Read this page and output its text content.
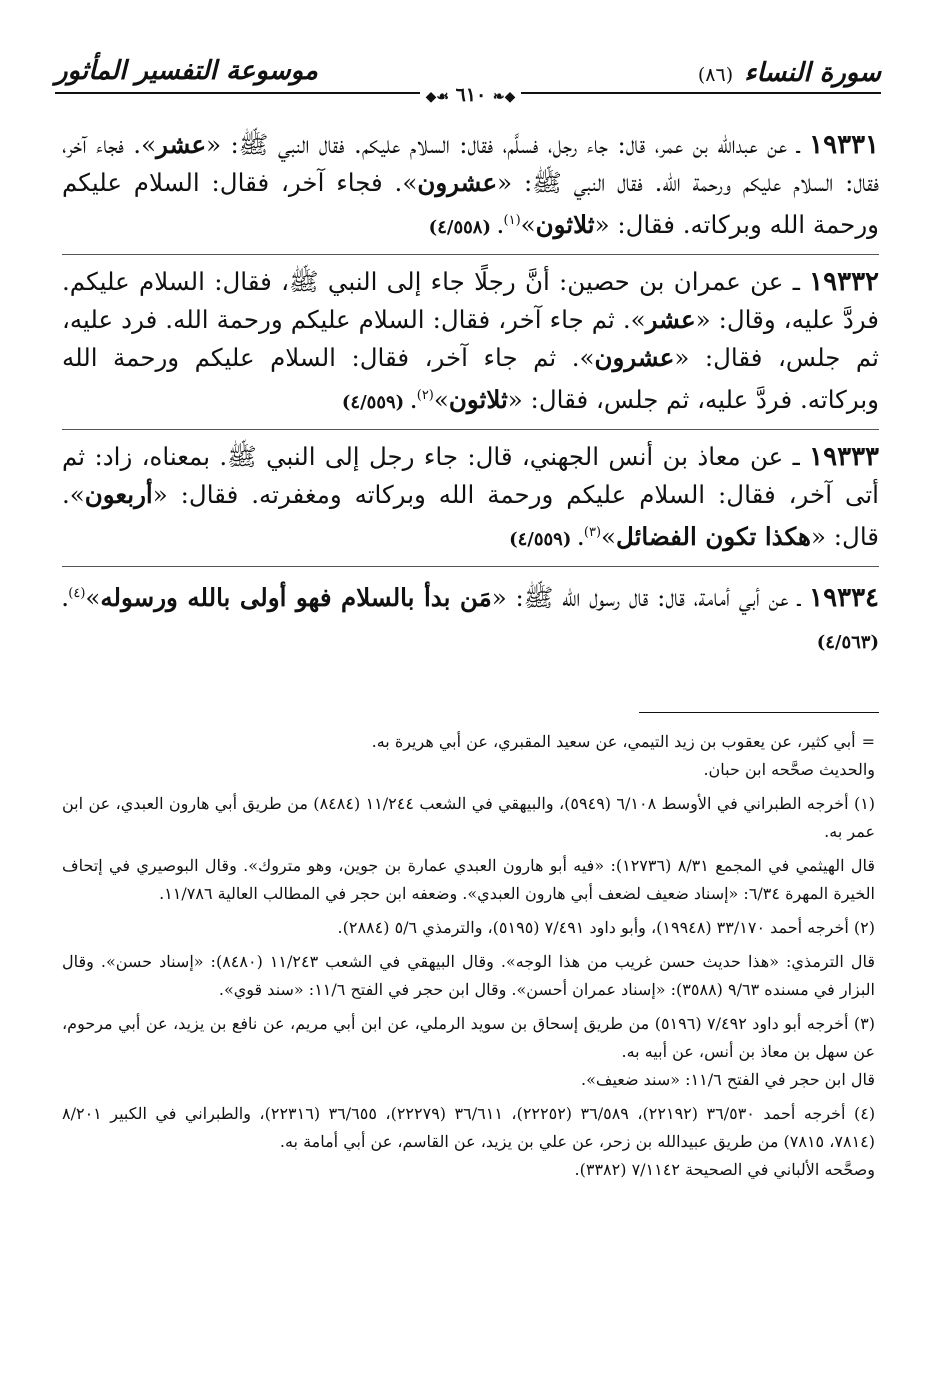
موسوعة التفسير المأثور	سورة النساء (٨٦)
◆❧ ٦١٠ ☙◆

١٩٣٣١ ـ عن عبدالله بن عمر، قال: جاء رجل، فسلَّم، فقال: السلام عليكم. فقال النبي ﷺ: «عشر». فجاء آخر، فقال: السلام عليكم ورحمة الله. فقال النبي ﷺ: «عشرون». فجاء آخر، فقال: السلام عليكم ورحمة الله وبركاته. فقال: «ثلاثون»$^{(١)}$. (٤/٥٥٨)

١٩٣٣٢ ـ عن عمران بن حصين: أنَّ رجلًا جاء إلى النبي ﷺ، فقال: السلام عليكم. فردَّ عليه، وقال: «عشر». ثم جاء آخر، فقال: السلام عليكم ورحمة الله. فرد عليه، ثم جلس، فقال: «عشرون». ثم جاء آخر، فقال: السلام عليكم ورحمة الله وبركاته. فردَّ عليه، ثم جلس، فقال: «ثلاثون»$^{(٢)}$. (٤/٥٥٩)

١٩٣٣٣ ـ عن معاذ بن أنس الجهني، قال: جاء رجل إلى النبي ﷺ. بمعناه، زاد: ثم أتى آخر، فقال: السلام عليكم ورحمة الله وبركاته ومغفرته. فقال: «أربعون». قال: «هكذا تكون الفضائل»$^{(٣)}$. (٤/٥٥٩)

١٩٣٣٤ ـ عن أبي أمامة، قال: قال رسول الله ﷺ: «مَن بدأ بالسلام فهو أولى بالله ورسوله»$^{(٤)}$. (٤/٥٦٣)

=أبي كثير، عن يعقوب بن زيد التيمي، عن سعيد المقبري، عن أبي هريرة به.

والحديث صحَّحه ابن حبان.

(١) أخرجه الطبراني في الأوسط ٦/١٠٨ (٥٩٤٩)، والبيهقي في الشعب ١١/٢٤٤ (٨٤٨٤) من طريق أبي هارون العبدي، عن ابن عمر به.

قال الهيثمي في المجمع ٨/٣١ (١٢٧٣٦): «فيه أبو هارون العبدي عمارة بن جوين، وهو متروك». وقال البوصيري في إتحاف الخيرة المهرة ٦/٣٤: «إسناد ضعيف لضعف أبي هارون العبدي». وضعفه ابن حجر في المطالب العالية ١١/٧٨٦.

(٢) أخرجه أحمد ٣٣/١٧٠ (١٩٩٤٨)، وأبو داود ٧/٤٩١ (٥١٩٥)، والترمذي ٥/٦ (٢٨٨٤).

قال الترمذي: «هذا حديث حسن غريب من هذا الوجه». وقال البيهقي في الشعب ١١/٢٤٣ (٨٤٨٠): «إسناد حسن». وقال البزار في مسنده ٩/٦٣ (٣٥٨٨): «إسناد عمران أحسن». وقال ابن حجر في الفتح ١١/٦: «سند قوي».

(٣) أخرجه أبو داود ٧/٤٩٢ (٥١٩٦) من طريق إسحاق بن سويد الرملي، عن ابن أبي مريم، عن نافع بن يزيد، عن أبي مرحوم، عن سهل بن معاذ بن أنس، عن أبيه به.

قال ابن حجر في الفتح ١١/٦: «سند ضعيف».

(٤) أخرجه أحمد ٣٦/٥٣٠ (٢٢١٩٢)، ٣٦/٥٨٩ (٢٢٢٥٢)، ٣٦/٦١١ (٢٢٢٧٩)، ٣٦/٦٥٥ (٢٢٣١٦)، والطبراني في الكبير ٨/٢٠١ (٧٨١٤، ٧٨١٥) من طريق عبيدالله بن زحر، عن علي بن يزيد، عن القاسم، عن أبي أمامة به.

وصحَّحه الألباني في الصحيحة ٧/١١٤٢ (٣٣٨٢).
